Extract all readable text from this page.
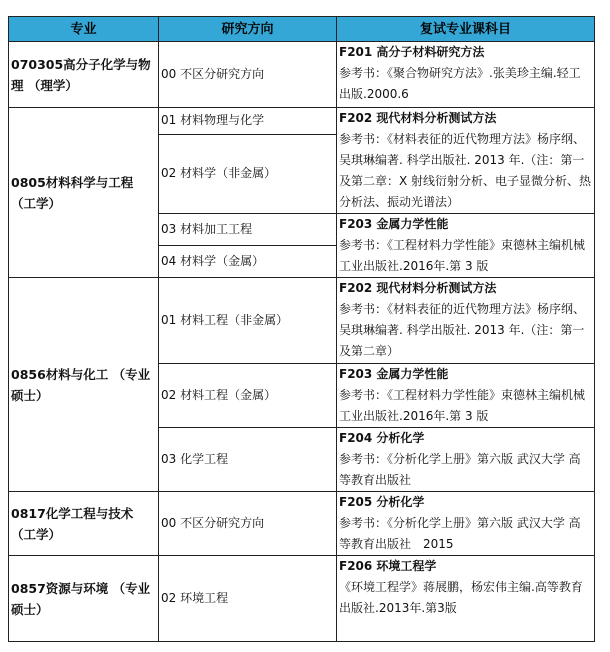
专业	研究方向	复试专业课科目
070305高分子化学与物理 （理学）	00 不区分研究方向	F201 高分子材料研究方法
参考书：《聚合物研究方法》.张美珍主编.轻工出版.2000.6

0805材料科学与工程 （工学）	01 材料物理与化学	F202 现代材料分析测试方法
参考书：《材料表征的近代物理方法》杨序纲、吴琪琳编著. 科学出版社. 2013 年.（注：第一及第二章：X 射线衍射分析、电子显微分析、热分析法、振动光谱法）

	02 材料学（非金属）	
	03 材料加工工程	F203 金属力学性能
参考书：《工程材料力学性能》束德林主编机械工业出版社.2016年.第 3 版

	04 材料学（金属）	
0856材料与化工 （专业硕士）	01 材料工程（非金属）	F202 现代材料分析测试方法
参考书：《材料表征的近代物理方法》杨序纲、吴琪琳编著. 科学出版社. 2013 年.（注：第一及第二章）

	02 材料工程（金属）	F203 金属力学性能
参考书：《工程材料力学性能》束德林主编机械工业出版社.2016年.第 3 版

	03 化学工程	F204 分析化学
参考书：《分析化学上册》第六版 武汉大学 高等教育出版社

0817化学工程与技术 （工学）	00 不区分研究方向	F205 分析化学
参考书：《分析化学上册》第六版 武汉大学 高等教育出版社　2015

0857资源与环境 （专业硕士）	02 环境工程	F206 环境工程学
《环境工程学》蒋展鹏，杨宏伟主编.高等教育出版社.2013年.第3版
